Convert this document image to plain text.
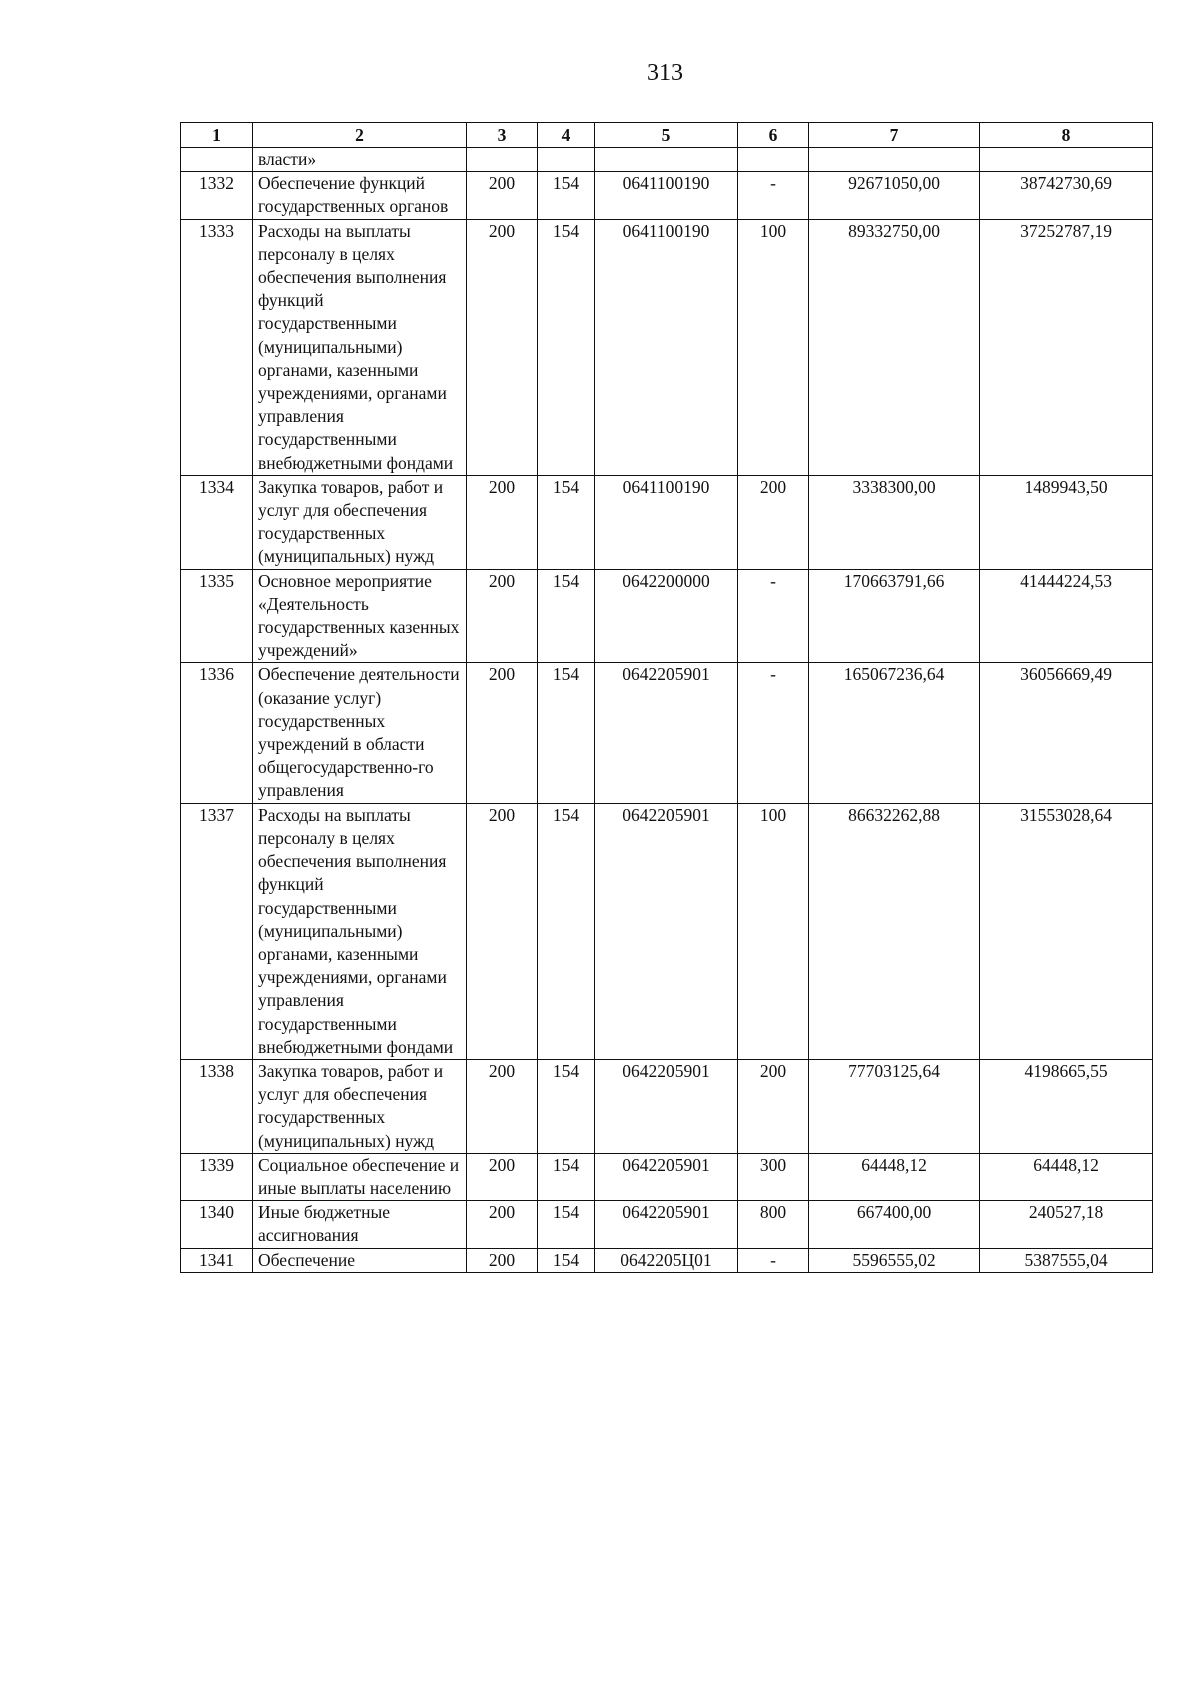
313
1	2	3	4	5	6	7	8
	власти»						
1332	Обеспечение функций государственных органов	200	154	0641100190	-	92671050,00	38742730,69
1333	Расходы на выплаты персоналу в целях обеспечения выполнения функций государственными (муниципальными) органами, казенными учреждениями, органами управления государственными внебюджетными фондами	200	154	0641100190	100	89332750,00	37252787,19
1334	Закупка товаров, работ и услуг для обеспечения государственных (муниципальных) нужд	200	154	0641100190	200	3338300,00	1489943,50
1335	Основное мероприятие «Деятельность государственных казенных учреждений»	200	154	0642200000	-	170663791,66	41444224,53
1336	Обеспечение деятельности (оказание услуг) государственных учреждений в области общегосударственно-го управления	200	154	0642205901	-	165067236,64	36056669,49
1337	Расходы на выплаты персоналу в целях обеспечения выполнения функций государственными (муниципальными) органами, казенными учреждениями, органами управления государственными внебюджетными фондами	200	154	0642205901	100	86632262,88	31553028,64
1338	Закупка товаров, работ и услуг для обеспечения государственных (муниципальных) нужд	200	154	0642205901	200	77703125,64	4198665,55
1339	Социальное обеспечение и иные выплаты населению	200	154	0642205901	300	64448,12	64448,12
1340	Иные бюджетные ассигнования	200	154	0642205901	800	667400,00	240527,18
1341	Обеспечение	200	154	0642205Ц01	-	5596555,02	5387555,04
